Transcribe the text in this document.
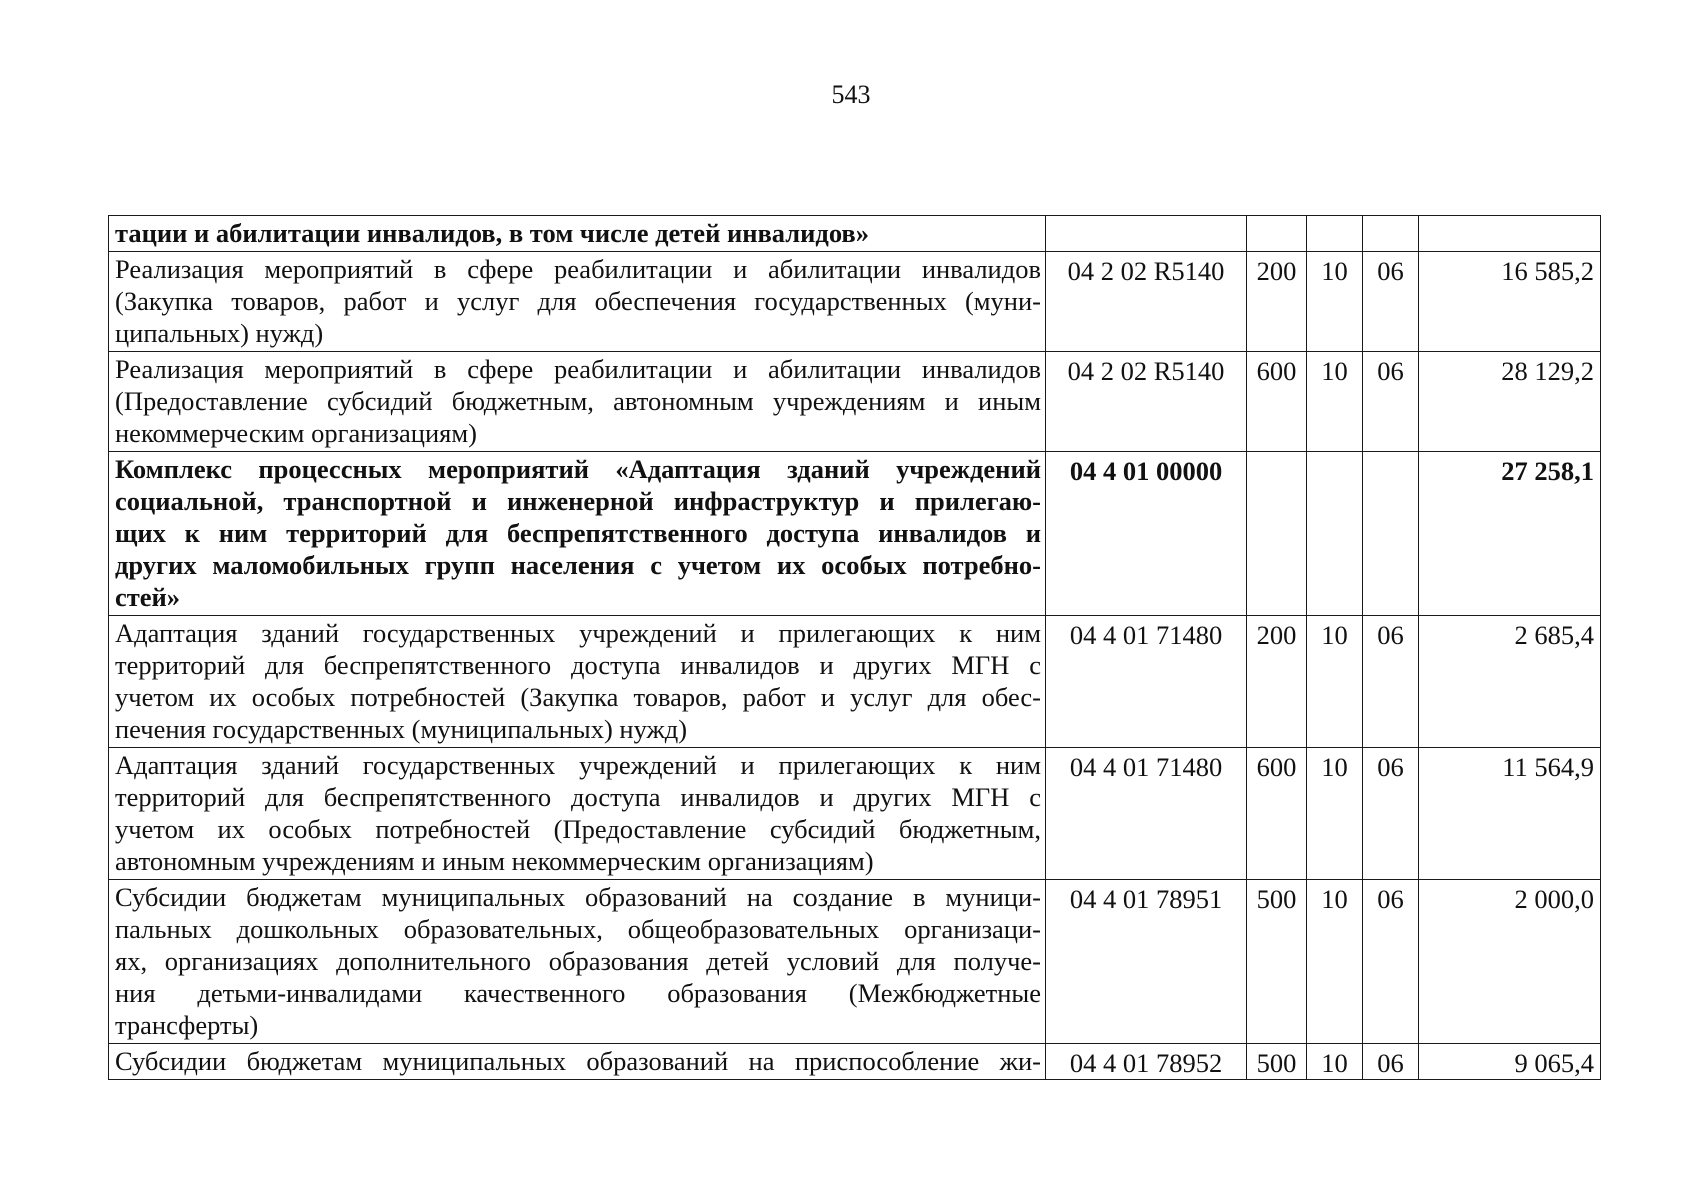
543
тации и абилитации инвалидов, в том числе детей инвалидов»					

Реализация мероприятий в сфере реабилитации и абилитации инвалидов
(Закупка товаров, работ и услуг для обеспечения государственных (муни-
ципальных) нужд)	04 2 02 R5140	200	10	06	16 585,2

Реализация мероприятий в сфере реабилитации и абилитации инвалидов
(Предоставление субсидий бюджетным, автономным учреждениям и иным
некоммерческим организациям)	04 2 02 R5140	600	10	06	28 129,2

Комплекс процессных мероприятий «Адаптация зданий учреждений
социальной, транспортной и инженерной инфраструктур и прилегаю-
щих к ним территорий для беспрепятственного доступа инвалидов и
других маломобильных групп населения с учетом их особых потребно-
стей»	04 4 01 00000				27 258,1

Адаптация зданий государственных учреждений и прилегающих к ним
территорий для беспрепятственного доступа инвалидов и других МГН с
учетом их особых потребностей (Закупка товаров, работ и услуг для обес-
печения государственных (муниципальных) нужд)	04 4 01 71480	200	10	06	2 685,4

Адаптация зданий государственных учреждений и прилегающих к ним
территорий для беспрепятственного доступа инвалидов и других МГН с
учетом их особых потребностей (Предоставление субсидий бюджетным,
автономным учреждениям и иным некоммерческим организациям)	04 4 01 71480	600	10	06	11 564,9

Субсидии бюджетам муниципальных образований на создание в муници-
пальных дошкольных образовательных, общеобразовательных организаци-
ях, организациях дополнительного образования детей условий для получе-
ния детьми-инвалидами качественного образования (Межбюджетные
трансферты)	04 4 01 78951	500	10	06	2 000,0

Субсидии бюджетам муниципальных образований на приспособление жи-	04 4 01 78952	500	10	06	9 065,4
